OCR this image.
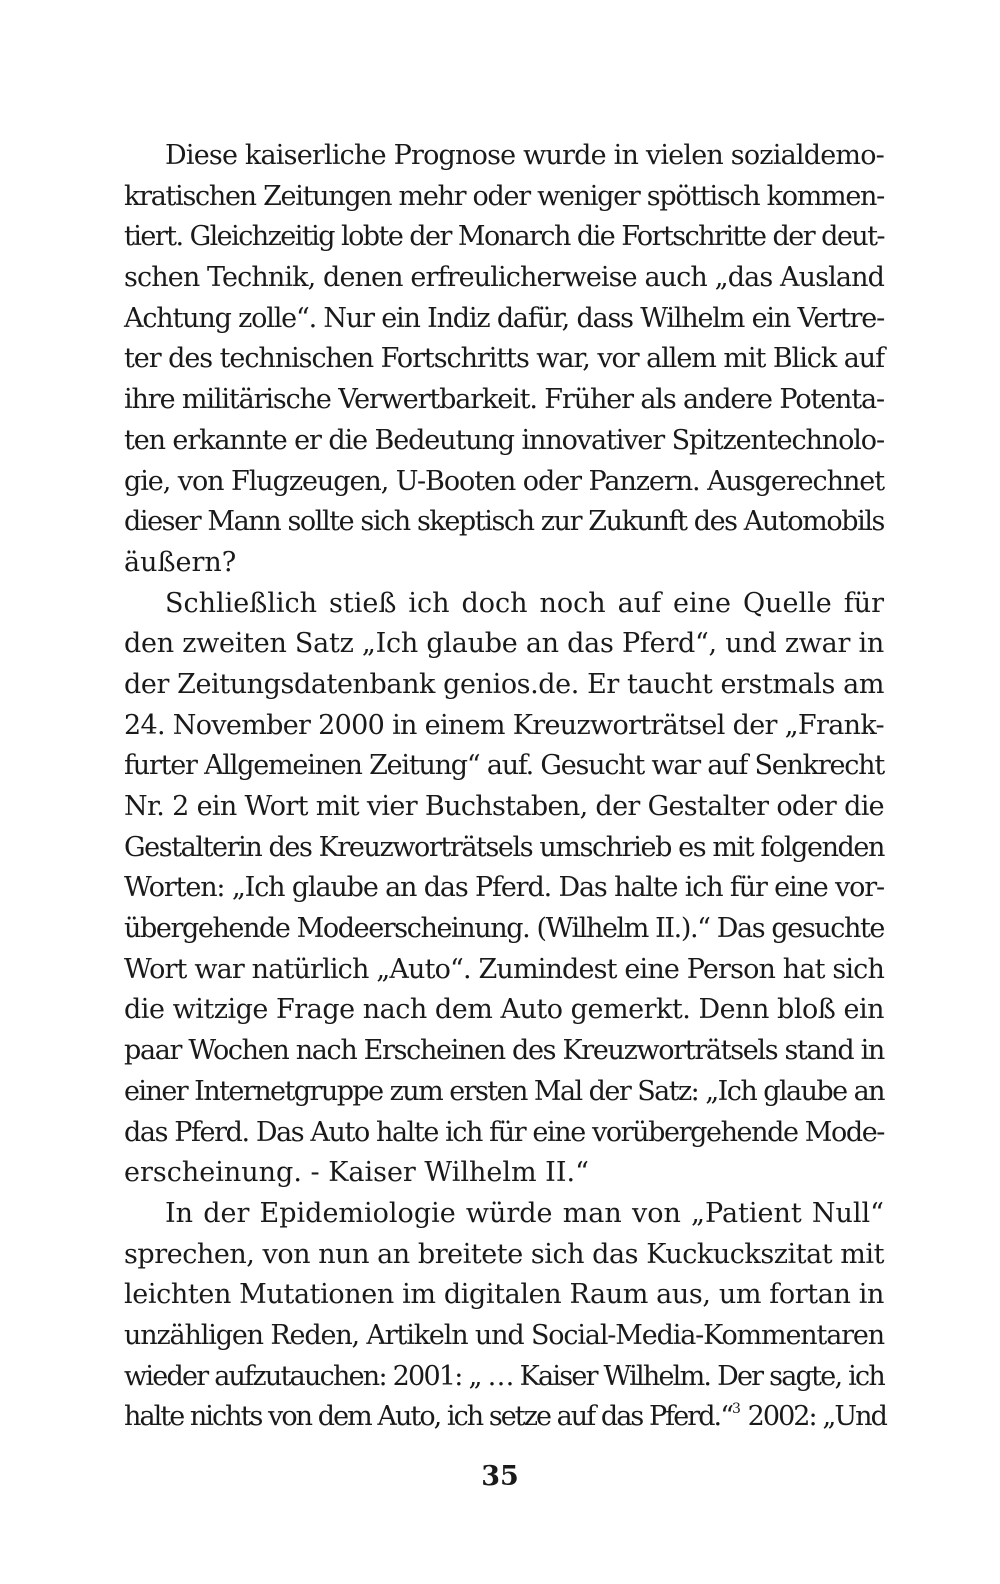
Diese kaiserliche Prognose wurde in vielen sozialdemo-
kratischen Zeitungen mehr oder weniger spöttisch kommen-
tiert. Gleichzeitig lobte der Monarch die Fortschritte der deut-
schen Technik, denen erfreulicherweise auch „das Ausland
Achtung zolle“. Nur ein Indiz dafür, dass Wilhelm ein Vertre-
ter des technischen Fortschritts war, vor allem mit Blick auf
ihre militärische Verwertbarkeit. Früher als andere Potenta-
ten erkannte er die Bedeutung innovativer Spitzentechnolo-
gie, von Flugzeugen, U-Booten oder Panzern. Ausgerechnet
dieser Mann sollte sich skeptisch zur Zukunft des Automobils
äußern?

Schließlich stieß ich doch noch auf eine Quelle für
den zweiten Satz „Ich glaube an das Pferd“, und zwar in
der Zeitungsdatenbank genios.de. Er taucht erstmals am
24. November 2000 in einem Kreuzworträtsel der „Frank-
furter Allgemeinen Zeitung“ auf. Gesucht war auf Senkrecht
Nr. 2 ein Wort mit vier Buchstaben, der Gestalter oder die
Gestalterin des Kreuzworträtsels umschrieb es mit folgenden
Worten: „Ich glaube an das Pferd. Das halte ich für eine vor-
übergehende Modeerscheinung. (Wilhelm II.).“ Das gesuchte
Wort war natürlich „Auto“. Zumindest eine Person hat sich
die witzige Frage nach dem Auto gemerkt. Denn bloß ein
paar Wochen nach Erscheinen des Kreuzworträtsels stand in
einer Internetgruppe zum ersten Mal der Satz: „Ich glaube an
das Pferd. Das Auto halte ich für eine vorübergehende Mode-
erscheinung. - Kaiser Wilhelm II.“

In der Epidemiologie würde man von „Patient Null“
sprechen, von nun an breitete sich das Kuckuckszitat mit
leichten Mutationen im digitalen Raum aus, um fortan in
unzähligen Reden, Artikeln und Social-Media-Kommentaren
wieder aufzutauchen: 2001: „ … Kaiser Wilhelm. Der sagte, ich
halte nichts von dem Auto, ich setze auf das Pferd.“$^3$ 2002: „Und

35
